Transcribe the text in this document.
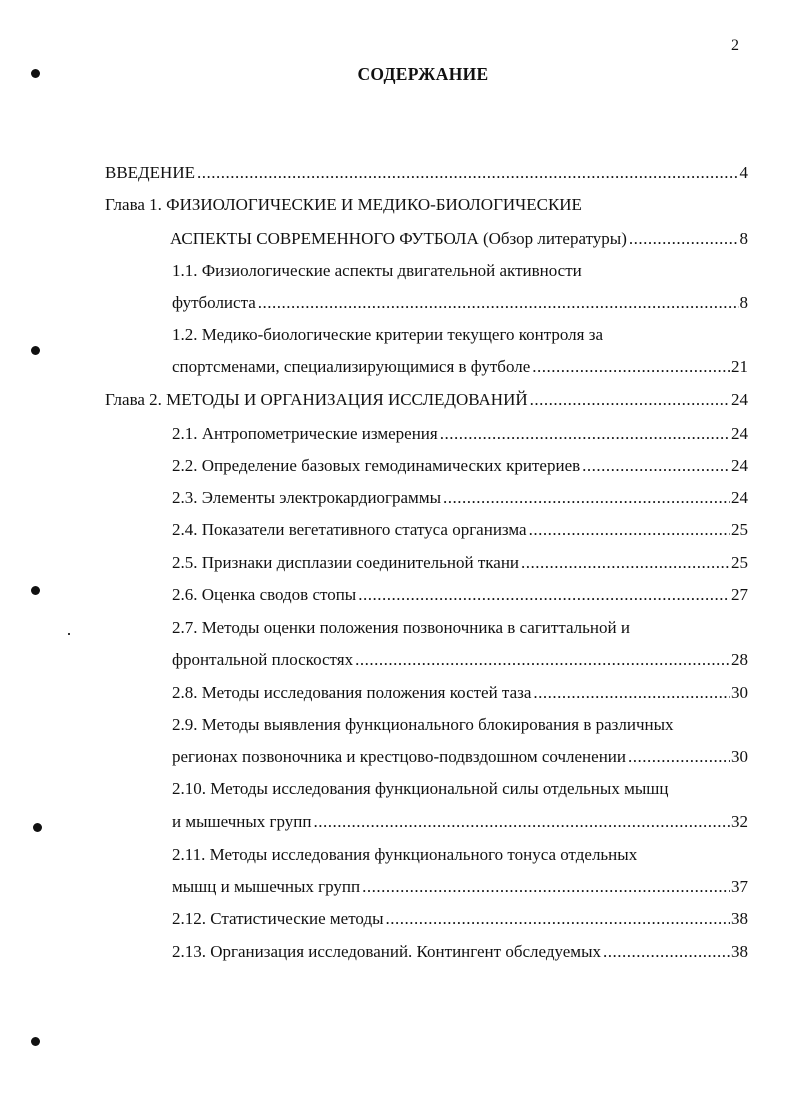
2
СОДЕРЖАНИЕ
ВВЕДЕНИЕ .....	4
Глава 1. ФИЗИОЛОГИЧЕСКИЕ И МЕДИКО-БИОЛОГИЧЕСКИЕ
АСПЕКТЫ СОВРЕМЕННОГО ФУТБОЛА (Обзор литературы) .....	8
1.1. Физиологические аспекты двигательной активности
футболиста .....	8
1.2. Медико-биологические критерии текущего контроля за
спортсменами, специализирующимися в футболе .....	21
Глава 2. МЕТОДЫ И ОРГАНИЗАЦИЯ ИССЛЕДОВАНИЙ .....	24
2.1. Антропометрические измерения .....	24
2.2. Определение базовых гемодинамических критериев .....	24
2.3. Элементы электрокардиограммы .....	24
2.4. Показатели вегетативного статуса организма .....	25
2.5. Признаки дисплазии соединительной ткани .....	25
2.6. Оценка сводов стопы .....	27
2.7. Методы оценки положения позвоночника в сагиттальной и
фронтальной плоскостях .....	28
2.8. Методы исследования положения костей таза .....	30
2.9. Методы выявления функционального блокирования в различных
регионах позвоночника и крестцово-подвздошном сочленении .....	30
2.10. Методы исследования функциональной силы отдельных мышц
и мышечных групп .....	32
2.11. Методы исследования функционального тонуса отдельных
мышц и мышечных групп .....	37
2.12. Статистические методы .....	38
2.13. Организация исследований. Контингент обследуемых .....	38
